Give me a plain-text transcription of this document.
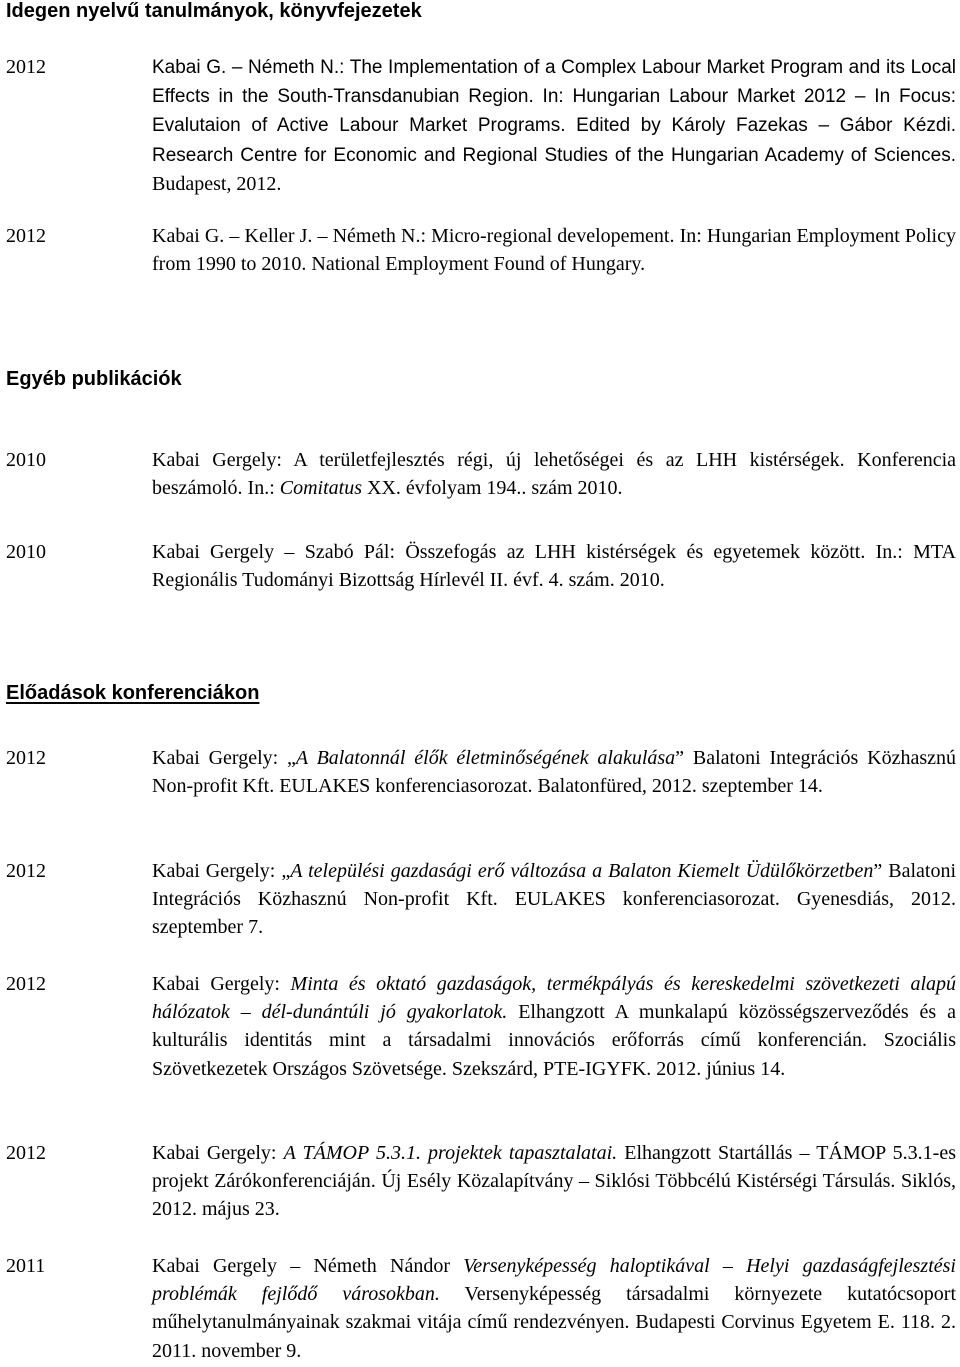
Idegen nyelvű tanulmányok, könyvfejezetek
2012	Kabai G. – Németh N.: The Implementation of a Complex Labour Market Program and its Local Effects in the South-Transdanubian Region. In: Hungarian Labour Market 2012 – In Focus: Evalutaion of Active Labour Market Programs. Edited by Károly Fazekas – Gábor Kézdi. Research Centre for Economic and Regional Studies of the Hungarian Academy of Sciences. Budapest, 2012.
2012	Kabai G. – Keller J. – Németh N.: Micro-regional developement. In: Hungarian Employment Policy from 1990 to 2010. National Employment Found of Hungary.
Egyéb publikációk
2010	Kabai Gergely: A területfejlesztés régi, új lehetőségei és az LHH kistérségek. Konferencia beszámoló. In.: Comitatus XX. évfolyam 194.. szám 2010.
2010	Kabai Gergely – Szabó Pál: Összefogás az LHH kistérségek és egyetemek között. In.: MTA Regionális Tudományi Bizottság Hírlevél II. évf. 4. szám. 2010.
Előadások konferenciákon
2012	Kabai Gergely: „A Balatonnál élők életminőségének alakulása” Balatoni Integrációs Közhasznú Non-profit Kft. EULAKES konferenciasorozat. Balatonfüred, 2012. szeptember 14.
2012	Kabai Gergely: „A települési gazdasági erő változása a Balaton Kiemelt Üdülőkörzetben” Balatoni Integrációs Közhasznú Non-profit Kft. EULAKES konferenciasorozat. Gyenesdiás, 2012. szeptember 7.
2012	Kabai Gergely: Minta és oktató gazdaságok, termékpályás és kereskedelmi szövetkezeti alapú hálózatok – dél-dunántúli jó gyakorlatok. Elhangzott A munkalapú közösségszerveződés és a kulturális identitás mint a társadalmi innovációs erőforrás című konferencián. Szociális Szövetkezetek Országos Szövetsége. Szekszárd, PTE-IGYFK. 2012. június 14.
2012	Kabai Gergely: A TÁMOP 5.3.1. projektek tapasztalatai. Elhangzott Startállás – TÁMOP 5.3.1-es projekt Zárókonferenciáján. Új Esély Közalapítvány – Siklósi Többcélú Kistérségi Társulás. Siklós, 2012. május 23.
2011	Kabai Gergely – Németh Nándor Versenyképesség haloptikával – Helyi gazdaságfejlesztési problémák fejlődő városokban. Versenyképesség társadalmi környezete kutatócsoport műhelytanulmányainak szakmai vitája című rendezvényen. Budapesti Corvinus Egyetem E. 118. 2. 2011. november 9.
